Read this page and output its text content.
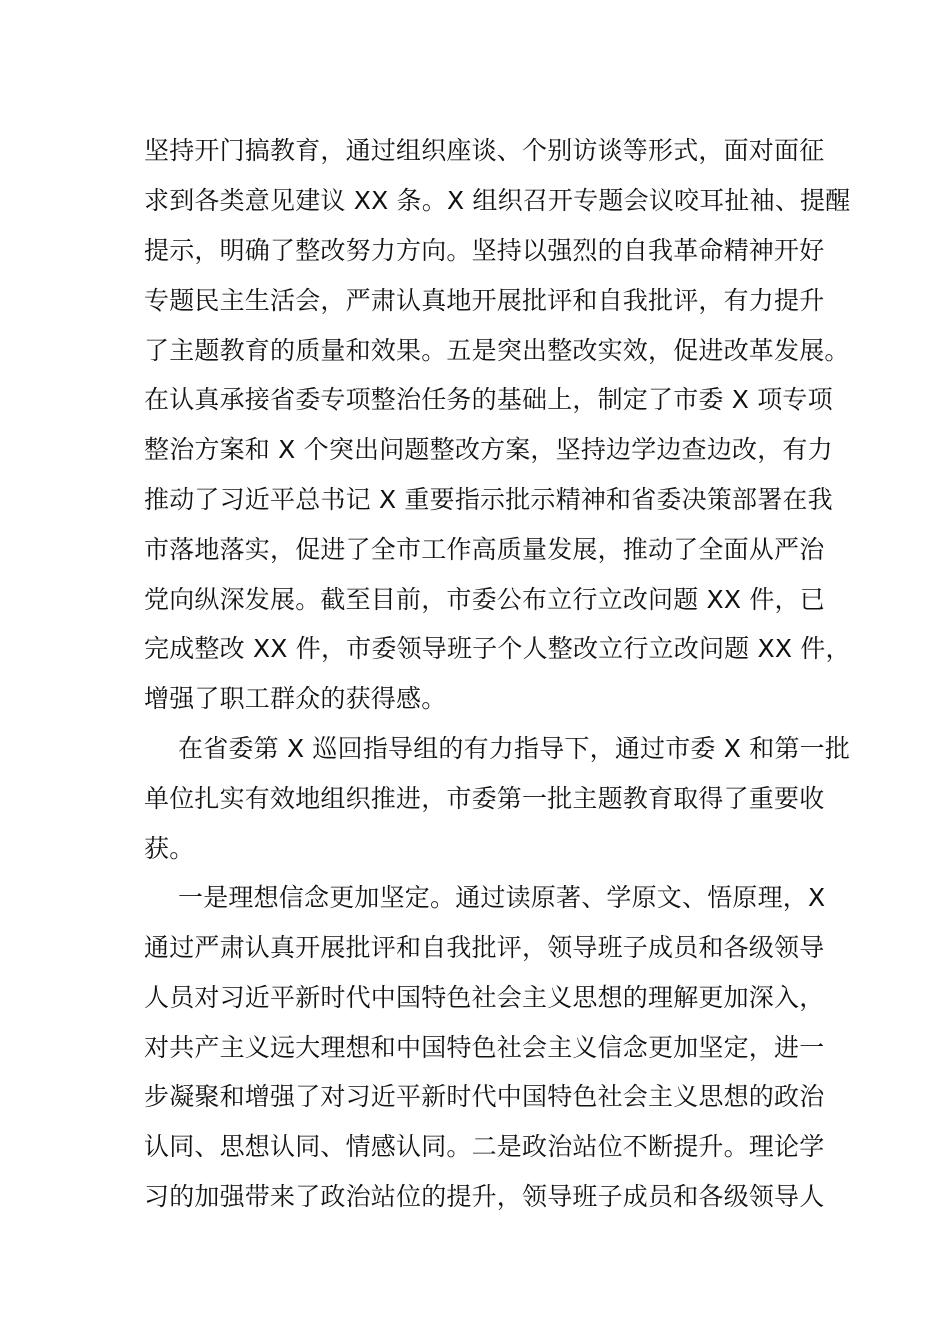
坚持开门搞教育，通过组织座谈、个别访谈等形式，面对面征
求到各类意见建议 XX 条。X 组织召开专题会议咬耳扯袖、提醒
提示，明确了整改努力方向。坚持以强烈的自我革命精神开好
专题民主生活会，严肃认真地开展批评和自我批评，有力提升
了主题教育的质量和效果。五是突出整改实效，促进改革发展。
在认真承接省委专项整治任务的基础上，制定了市委 X 项专项
整治方案和 X 个突出问题整改方案，坚持边学边查边改，有力
推动了习近平总书记 X 重要指示批示精神和省委决策部署在我
市落地落实，促进了全市工作高质量发展，推动了全面从严治
党向纵深发展。截至目前，市委公布立行立改问题 XX 件，已
完成整改 XX 件，市委领导班子个人整改立行立改问题 XX 件，
增强了职工群众的获得感。
在省委第 X 巡回指导组的有力指导下，通过市委 X 和第一批
单位扎实有效地组织推进，市委第一批主题教育取得了重要收
获。
一是理想信念更加坚定。通过读原著、学原文、悟原理，X
通过严肃认真开展批评和自我批评，领导班子成员和各级领导
人员对习近平新时代中国特色社会主义思想的理解更加深入，
对共产主义远大理想和中国特色社会主义信念更加坚定，进一
步凝聚和增强了对习近平新时代中国特色社会主义思想的政治
认同、思想认同、情感认同。二是政治站位不断提升。理论学
习的加强带来了政治站位的提升，领导班子成员和各级领导人
